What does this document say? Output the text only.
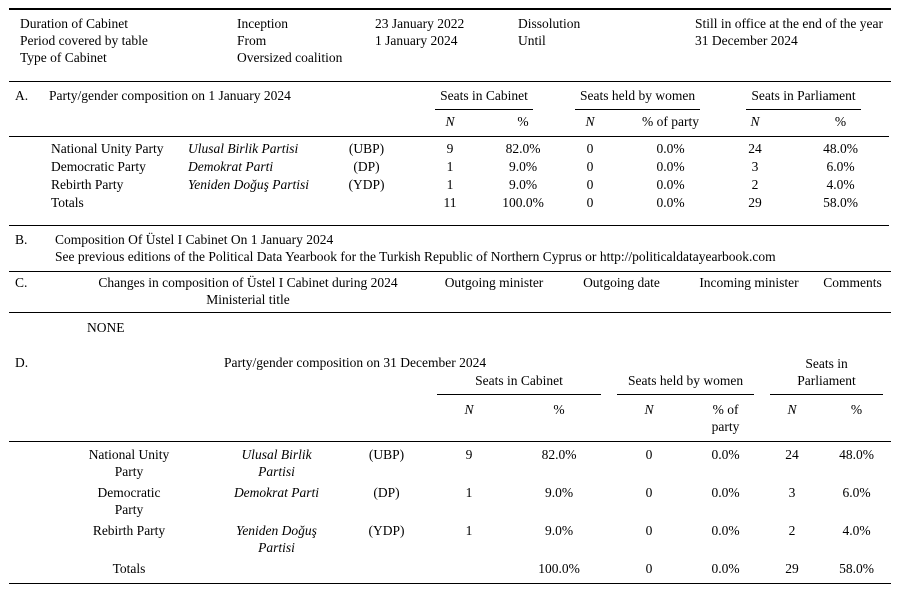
Duration of Cabinet	Inception	23 January 2022	Dissolution	Still in office at the end of the year
Period covered by table	From	1 January 2024	Until	31 December 2024
Type of Cabinet	Oversized coalition
A.	Party/gender composition on 1 January 2024			Seats in Cabinet		Seats held by women		Seats in Parliament	
				N	%	N	% of party	N	%
	National Unity Party	Ulusal Birlik Partisi	(UBP)	9	82.0%	0	0.0%	24	48.0%
	Democratic Party	Demokrat Parti	(DP)	1	9.0%	0	0.0%	3	6.0%
	Rebirth Party	Yeniden Doğuş Partisi	(YDP)	1	9.0%	0	0.0%	2	4.0%
	Totals			11	100.0%	0	0.0%	29	58.0%
B.	Composition Of Üstel I Cabinet On 1 January 2024
See previous editions of the Political Data Yearbook for the Turkish Republic of Northern Cyprus or http://politicaldatayearbook.com
C.	Changes in composition of Üstel I Cabinet during 2024
Ministerial title
	Outgoing minister	Outgoing date	Incoming minister	Comments
NONE
D.	Party/gender composition on 31 December 2024			Seats in Cabinet		Seats held by women		Seats in Parliament	

				N	%	N	% of party	N	%

	National Unity Party	Ulusal Birlik Partisi	(UBP)	9	82.0%	0	0.0%	24	48.0%

	Democratic Party	Demokrat Parti	(DP)	1	9.0%	0	0.0%	3	6.0%

	Rebirth Party	Yeniden Doğuş Partisi	(YDP)	1	9.0%	0	0.0%	2	4.0%
	Totals				100.0%	0	0.0%	29	58.0%
